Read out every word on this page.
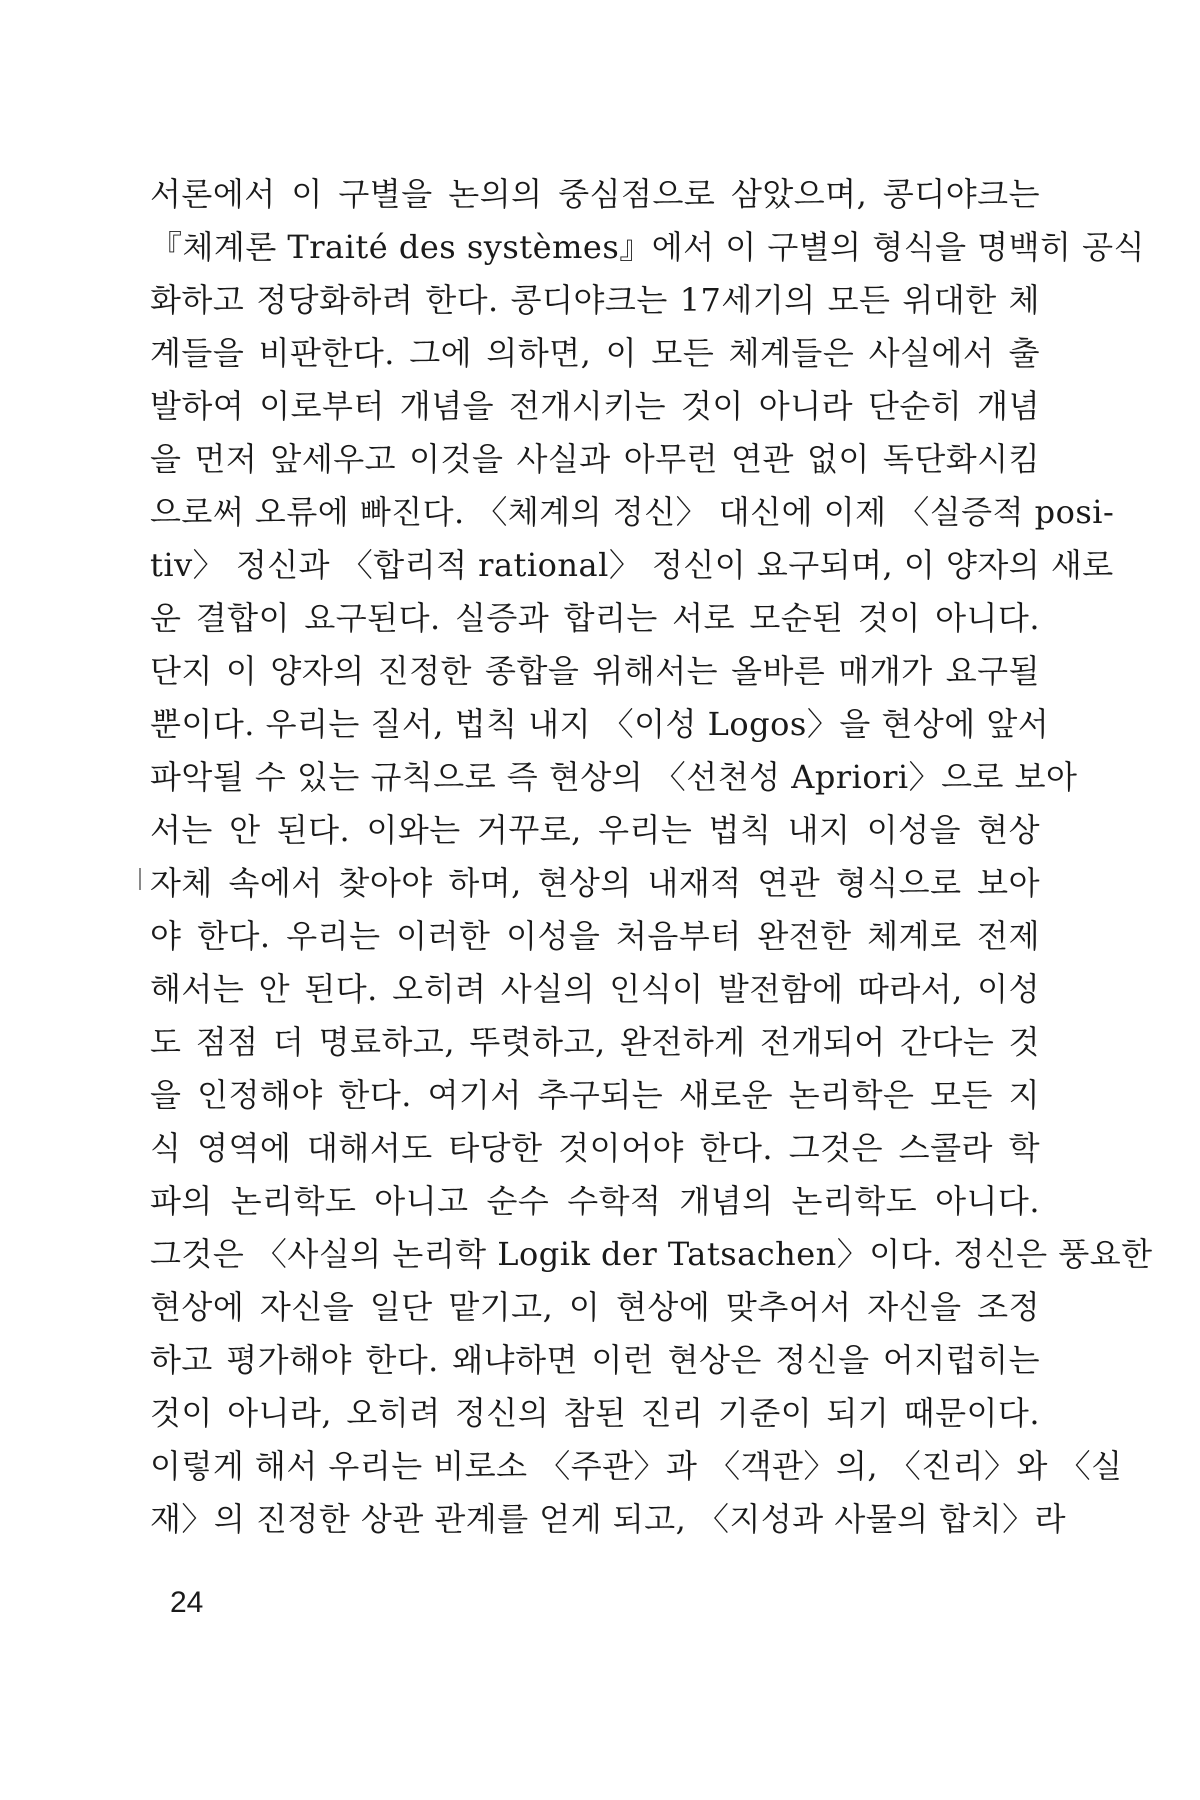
서론에서 이 구별을 논의의 중심점으로 삼았으며, 콩디야크는
『체계론 Traité des systèmes』에서 이 구별의 형식을 명백히 공식
화하고 정당화하려 한다. 콩디야크는 17세기의 모든 위대한 체
계들을 비판한다. 그에 의하면, 이 모든 체계들은 사실에서 출
발하여 이로부터 개념을 전개시키는 것이 아니라 단순히 개념
을 먼저 앞세우고 이것을 사실과 아무런 연관 없이 독단화시킴
으로써 오류에 빠진다. 〈체계의 정신〉 대신에 이제 〈실증적 posi-
tiv〉 정신과 〈합리적 rational〉 정신이 요구되며, 이 양자의 새로
운 결합이 요구된다. 실증과 합리는 서로 모순된 것이 아니다.
단지 이 양자의 진정한 종합을 위해서는 올바른 매개가 요구될
뿐이다. 우리는 질서, 법칙 내지 〈이성 Logos〉을 현상에 앞서
파악될 수 있는 규칙으로 즉 현상의 〈선천성 Apriori〉으로 보아
서는 안 된다. 이와는 거꾸로, 우리는 법칙 내지 이성을 현상
자체 속에서 찾아야 하며, 현상의 내재적 연관 형식으로 보아
야 한다. 우리는 이러한 이성을 처음부터 완전한 체계로 전제
해서는 안 된다. 오히려 사실의 인식이 발전함에 따라서, 이성
도 점점 더 명료하고, 뚜렷하고, 완전하게 전개되어 간다는 것
을 인정해야 한다. 여기서 추구되는 새로운 논리학은 모든 지
식 영역에 대해서도 타당한 것이어야 한다. 그것은 스콜라 학
파의 논리학도 아니고 순수 수학적 개념의 논리학도 아니다.
그것은 〈사실의 논리학 Logik der Tatsachen〉이다. 정신은 풍요한
현상에 자신을 일단 맡기고, 이 현상에 맞추어서 자신을 조정
하고 평가해야 한다. 왜냐하면 이런 현상은 정신을 어지럽히는
것이 아니라, 오히려 정신의 참된 진리 기준이 되기 때문이다.
이렇게 해서 우리는 비로소 〈주관〉과 〈객관〉의, 〈진리〉와 〈실
재〉의 진정한 상관 관계를 얻게 되고, 〈지성과 사물의 합치〉라
24
